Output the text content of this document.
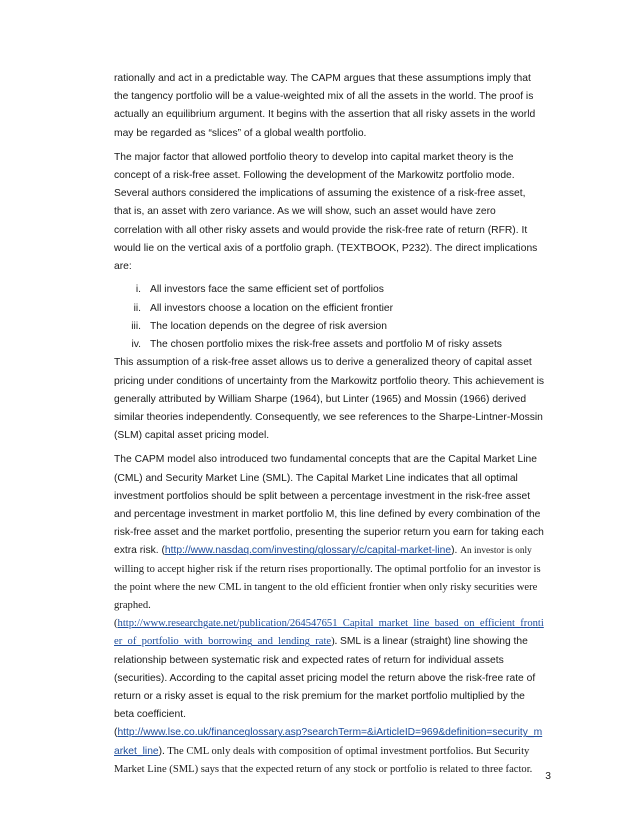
rationally and act in a predictable way. The CAPM argues that these assumptions imply that the tangency portfolio will be a value-weighted mix of all the assets in the world. The proof is actually an equilibrium argument. It begins with the assertion that all risky assets in the world may be regarded as “slices” of a global wealth portfolio.

The major factor that allowed portfolio theory to develop into capital market theory is the concept of a risk-free asset. Following the development of the Markowitz portfolio mode. Several authors considered the implications of assuming the existence of a risk-free asset, that is, an asset with zero variance. As we will show, such an asset would have zero correlation with all other risky assets and would provide the risk-free rate of return (RFR). It would lie on the vertical axis of a portfolio graph. (TEXTBOOK, P232). The direct implications are:

i. All investors face the same efficient set of portfolios
ii. All investors choose a location on the efficient frontier
iii. The location depends on the degree of risk aversion
iv. The chosen portfolio mixes the risk-free assets and portfolio M of risky assets

This assumption of a risk-free asset allows us to derive a generalized theory of capital asset pricing under conditions of uncertainty from the Markowitz portfolio theory. This achievement is generally attributed by William Sharpe (1964), but Linter (1965) and Mossin (1966) derived similar theories independently. Consequently, we see references to the Sharpe-Lintner-Mossin (SLM) capital asset pricing model.

The CAPM model also introduced two fundamental concepts that are the Capital Market Line (CML) and Security Market Line (SML). The Capital Market Line indicates that all optimal investment portfolios should be split between a percentage investment in the risk-free asset and percentage investment in market portfolio M, this line defined by every combination of the risk-free asset and the market portfolio, presenting the superior return you earn for taking each extra risk. (http://www.nasdaq.com/investing/glossary/c/capital-market-line). An investor is only
willing to accept higher risk if the return rises proportionally. The optimal portfolio for an investor is the point where the new CML in tangent to the old efficient frontier when only risky securities were graphed.
(http://www.researchgate.net/publication/264547651_Capital_market_line_based_on_efficient_frontier_of_portfolio_with_borrowing_and_lending_rate). SML is a linear (straight) line showing the relationship between systematic risk and expected rates of return for individual assets (securities). According to the capital asset pricing model the return above the risk-free rate of return or a risky asset is equal to the risk premium for the market portfolio multiplied by the beta coefficient.
(http://www.lse.co.uk/financeglossary.asp?searchTerm=&iArticleID=969&definition=security_market_line). The CML only deals with composition of optimal investment portfolios. But Security Market Line (SML) says that the expected return of any stock or portfolio is related to three factor.

3
